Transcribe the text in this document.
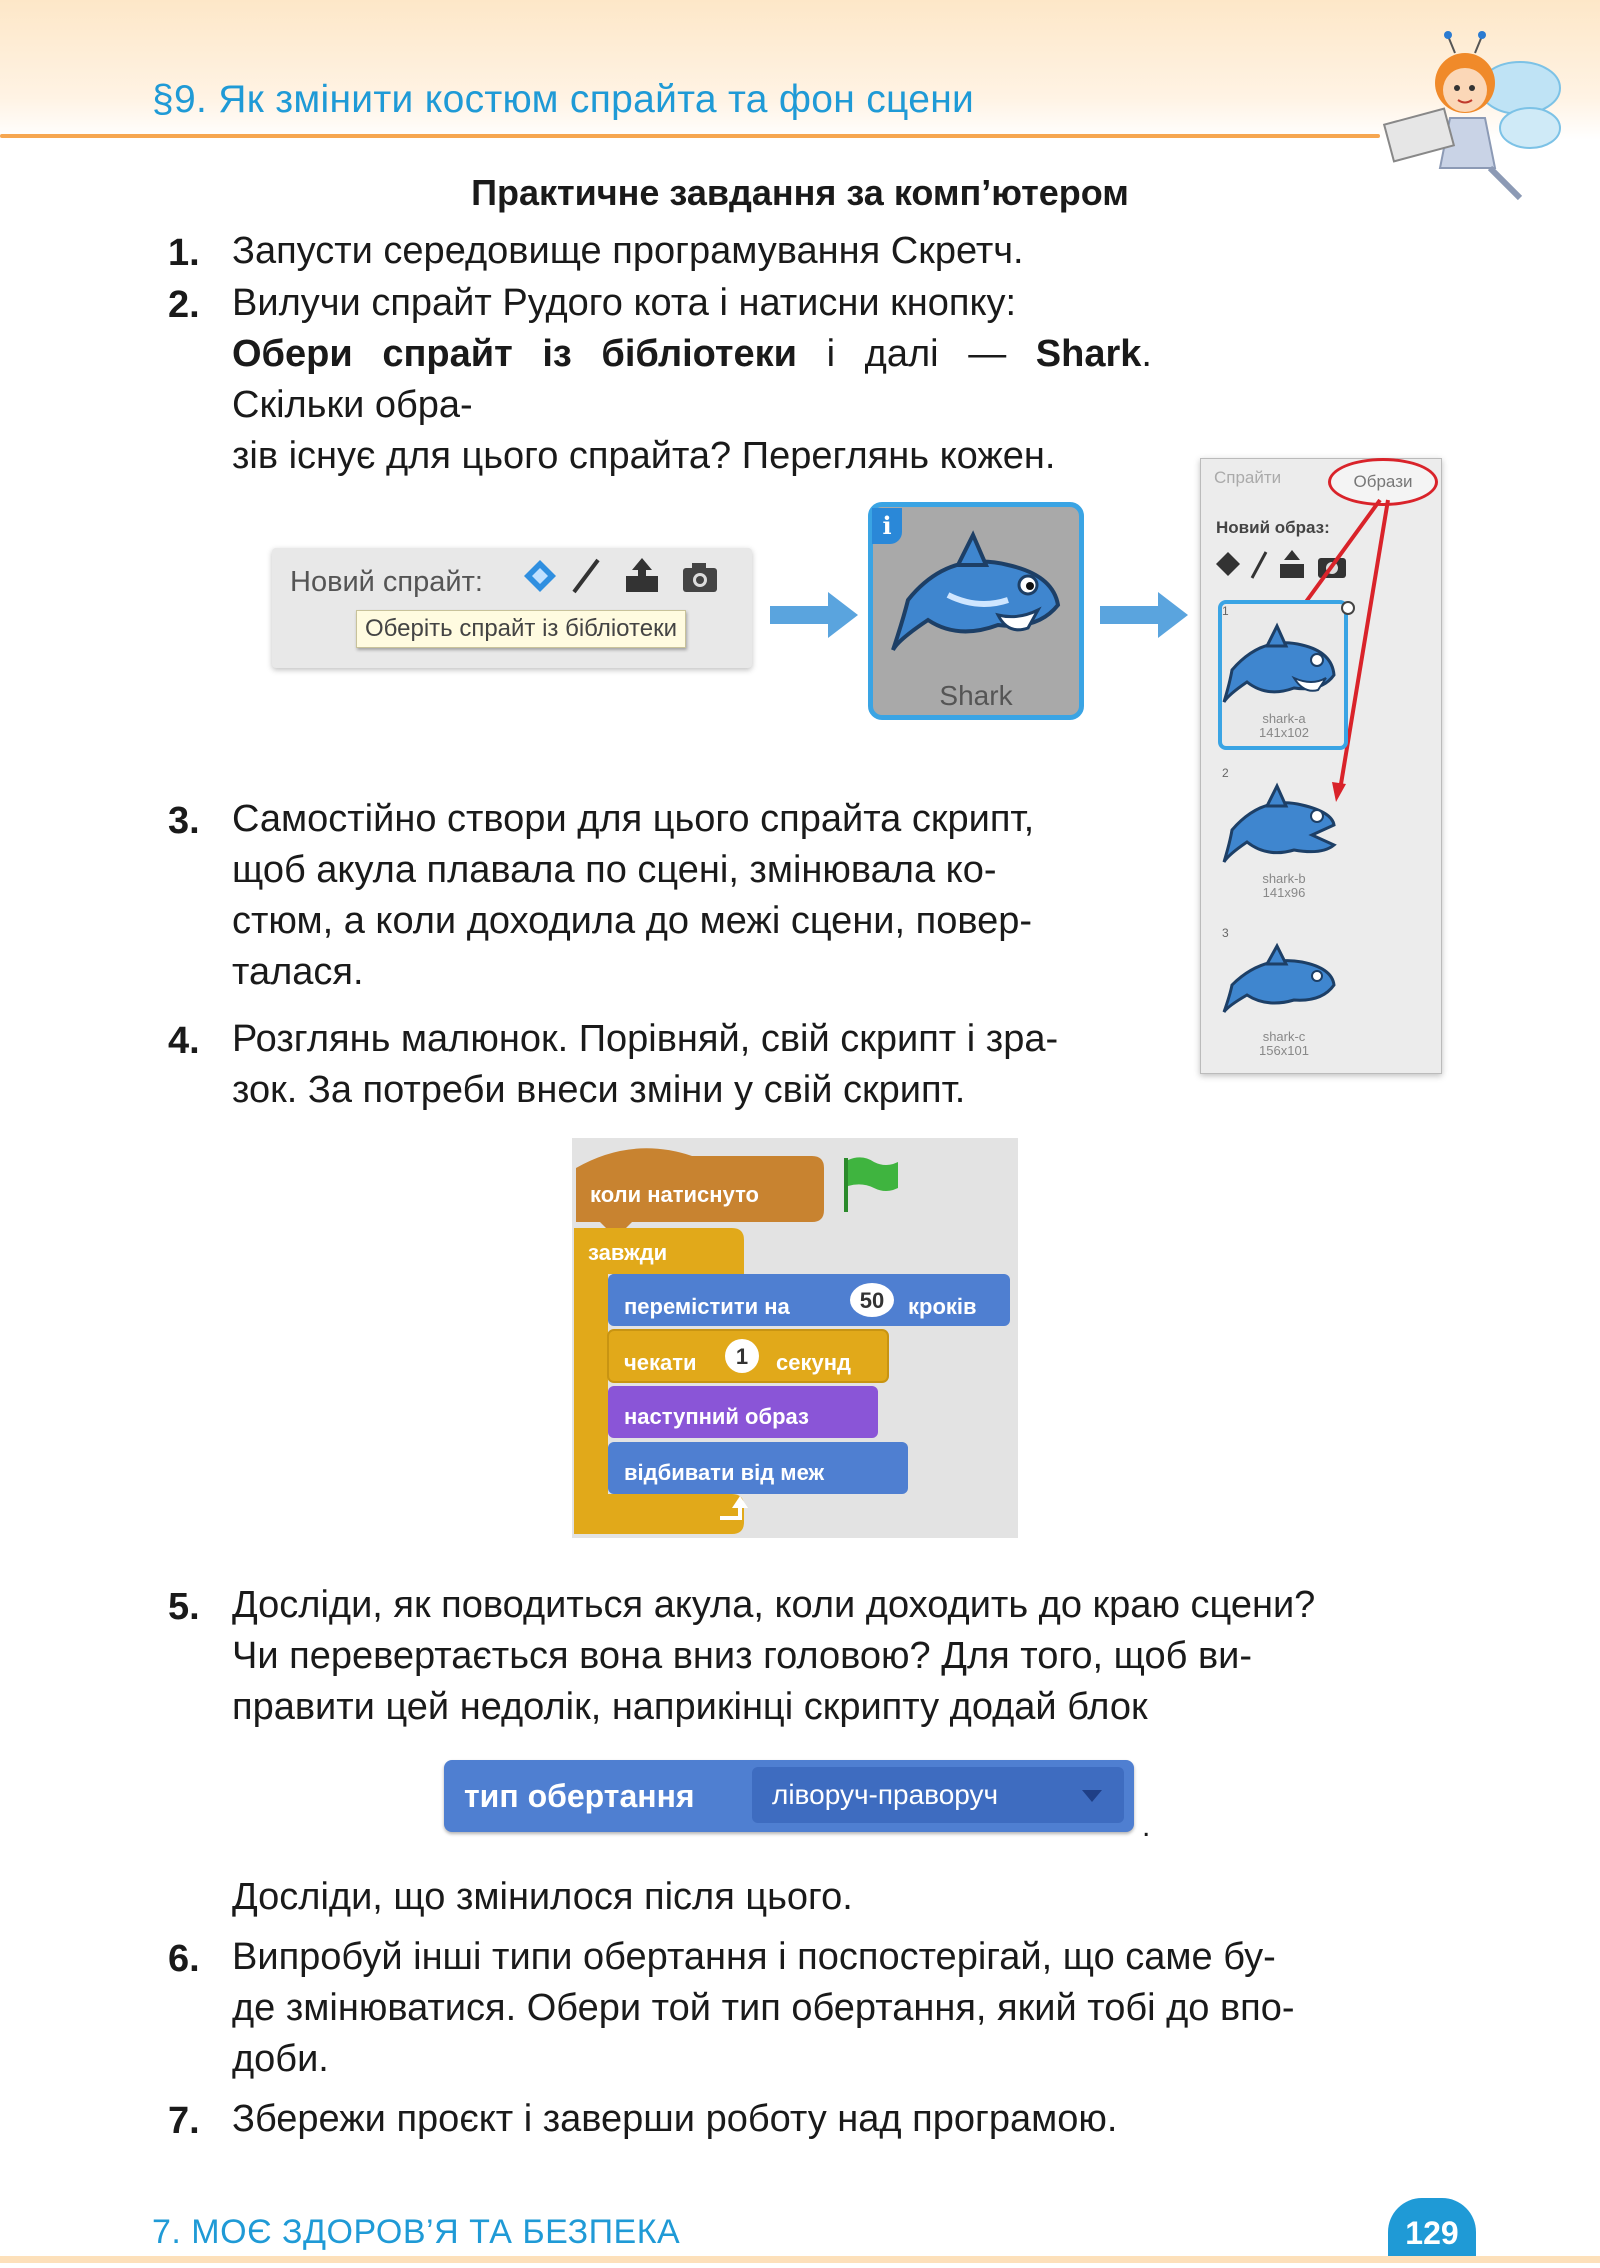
§9. Як змінити костюм спрайта та фон сцени
Практичне завдання за комп’ютером
1. Запусти середовище програмування Скретч.
2. Вилучи спрайт Рудого кота і натисни кнопку:
Обери спрайт із бібліотеки і далі — Shark. Скільки обра-
зів існує для цього спрайта? Переглянь кожен.
Новий спрайт:
Оберіть спрайт із бібліотеки
i
Shark
Спрайти	Образи
Новий образ:
1
shark-a
141x102
2
shark-b
141x96
3
shark-c
156x101
3. Самостійно створи для цього спрайта скрипт,
щоб акула плавала по сцені, змінювала ко-
стюм, а коли доходила до межі сцени, повер-
талася.
4. Розглянь малюнок. Порівняй, свій скрипт і зра-
зок. За потреби внеси зміни у свій скрипт.
коли натиснуто
завжди
перемістити на	50	кроків
чекати 1 секунд
наступний образ
відбивати від меж
5. Досліди, як поводиться акула, коли доходить до краю сцени?
Чи перевертається вона вниз головою? Для того, щоб ви-
правити цей недолік, наприкінці скрипту додай блок
тип обертання	ліворуч-праворуч
.
Досліди, що змінилося після цього.
6. Випробуй інші типи обертання і поспостерігай, що саме бу-
де змінюватися. Обери той тип обертання, який тобі до впо-
доби.
7. Збережи проєкт і заверши роботу над програмою.
7. МОЄ ЗДОРОВ’Я ТА БЕЗПЕКА	129
